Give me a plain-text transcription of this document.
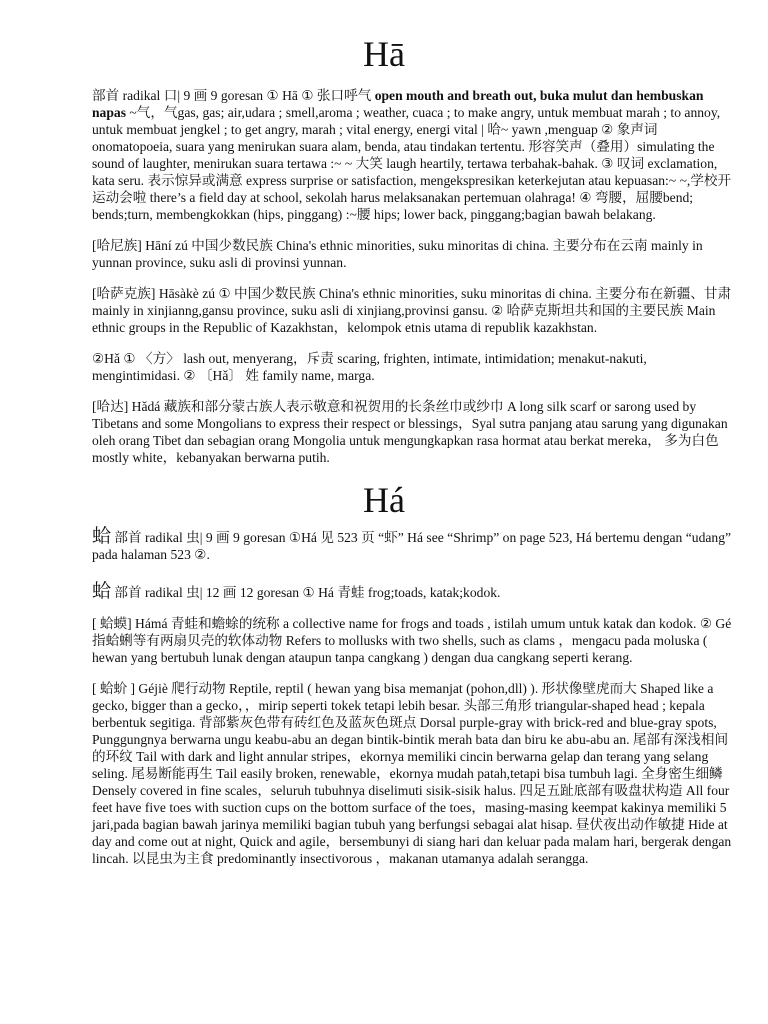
Hā

部首 radikal 口| 9 画 9 goresan ① Hā ① 张口呼气 open mouth and breath out, buka mulut dan hembuskan napas ~气，气gas, gas; air,udara ; smell,aroma ; weather, cuaca ; to make angry, untuk membuat marah ; to annoy, untuk membuat jengkel ; to get angry, marah ; vital energy, energi vital | 哈~ yawn ,menguap ② 象声词 onomatopoeia, suara yang menirukan suara alam, benda, atau tindakan tertentu. 形容笑声（叠用）simulating the sound of laughter, menirukan suara tertawa :~ ~ 大笑 laugh heartily, tertawa terbahak-bahak. ③ 叹词 exclamation, kata seru. 表示惊异或满意 express surprise or satisfaction, mengekspresikan keterkejutan atau kepuasan:~ ~,学校开运动会啦 there’s a field day at school, sekolah harus melaksanakan pertemuan olahraga! ④ 弯腰，屈腰bend; bends;turn, membengkokkan (hips, pinggang) :~腰 hips; lower back, pinggang;bagian bawah belakang.

[哈尼族] Hāní zú 中国少数民族 China's ethnic minorities, suku minoritas di china. 主要分布在云南 mainly in yunnan province, suku asli di provinsi yunnan.

[哈萨克族] Hāsàkè zú ① 中国少数民族 China's ethnic minorities, suku minoritas di china. 主要分布在新疆、甘肃 mainly in xinjianng,gansu province, suku asli di xinjiang,provinsi gansu. ② 哈萨克斯坦共和国的主要民族 Main ethnic groups in the Republic of Kazakhstan，kelompok etnis utama di republik kazakhstan.

②Hǎ ① 〈方〉 lash out, menyerang，斥责 scaring, frighten, intimate, intimidation; menakut-nakuti, mengintimidasi. ② 〔Hǎ〕 姓 family name, marga.

[哈达] Hǎdá 藏族和部分蒙古族人表示敬意和祝贺用的长条丝巾或纱巾 A long silk scarf or sarong used by Tibetans and some Mongolians to express their respect or blessings，Syal sutra panjang atau sarung yang digunakan oleh orang Tibet dan sebagian orang Mongolia untuk mengungkapkan rasa hormat atau berkat mereka， 多为白色 mostly white，kebanyakan berwarna putih.

Há

蛤 部首 radikal 虫| 9 画 9 goresan ①Há 见 523 页 “虾” Há see “Shrimp” on page 523, Há bertemu dengan “udang” pada halaman 523 ②.

蛤 部首 radikal 虫| 12 画 12 goresan ① Há 青蛙 frog;toads, katak;kodok.

[ 蛤蟆] Hámá 青蛙和蟾蜍的统称 a collective name for frogs and toads , istilah umum untuk katak dan kodok. ② Gé 指蛤蜊等有两扇贝壳的软体动物 Refers to mollusks with two shells, such as clams ，mengacu pada moluska ( hewan yang bertubuh lunak dengan ataupun tanpa cangkang ) dengan dua cangkang seperti kerang.

[ 蛤蚧 ] Géjiè 爬行动物 Reptile, reptil ( hewan yang bisa memanjat (pohon,dll) ). 形状像壁虎而大 Shaped like a gecko, bigger than a gecko，，mirip seperti tokek tetapi lebih besar. 头部三角形 triangular-shaped head ; kepala berbentuk segitiga. 背部紫灰色带有砖红色及蓝灰色斑点 Dorsal purple-gray with brick-red and blue-gray spots, Punggungnya berwarna ungu keabu-abu an degan bintik-bintik merah bata dan biru ke abu-abu an. 尾部有深浅相间的环纹 Tail with dark and light annular stripes，ekornya memiliki cincin berwarna gelap dan terang yang selang seling. 尾易断能再生 Tail easily broken, renewable，ekornya mudah patah,tetapi bisa tumbuh lagi. 全身密生细鳞 Densely covered in fine scales，seluruh tubuhnya diselimuti sisik-sisik halus. 四足五趾底部有吸盘状构造 All four feet have five toes with suction cups on the bottom surface of the toes，masing-masing keempat kakinya memiliki 5 jari,pada bagian bawah jarinya memiliki bagian tubuh yang berfungsi sebagai alat hisap. 昼伏夜出动作敏捷 Hide at day and come out at night, Quick and agile，bersembunyi di siang hari dan keluar pada malam hari, bergerak dengan lincah. 以昆虫为主食 predominantly insectivorous ，makanan utamanya adalah serangga.
